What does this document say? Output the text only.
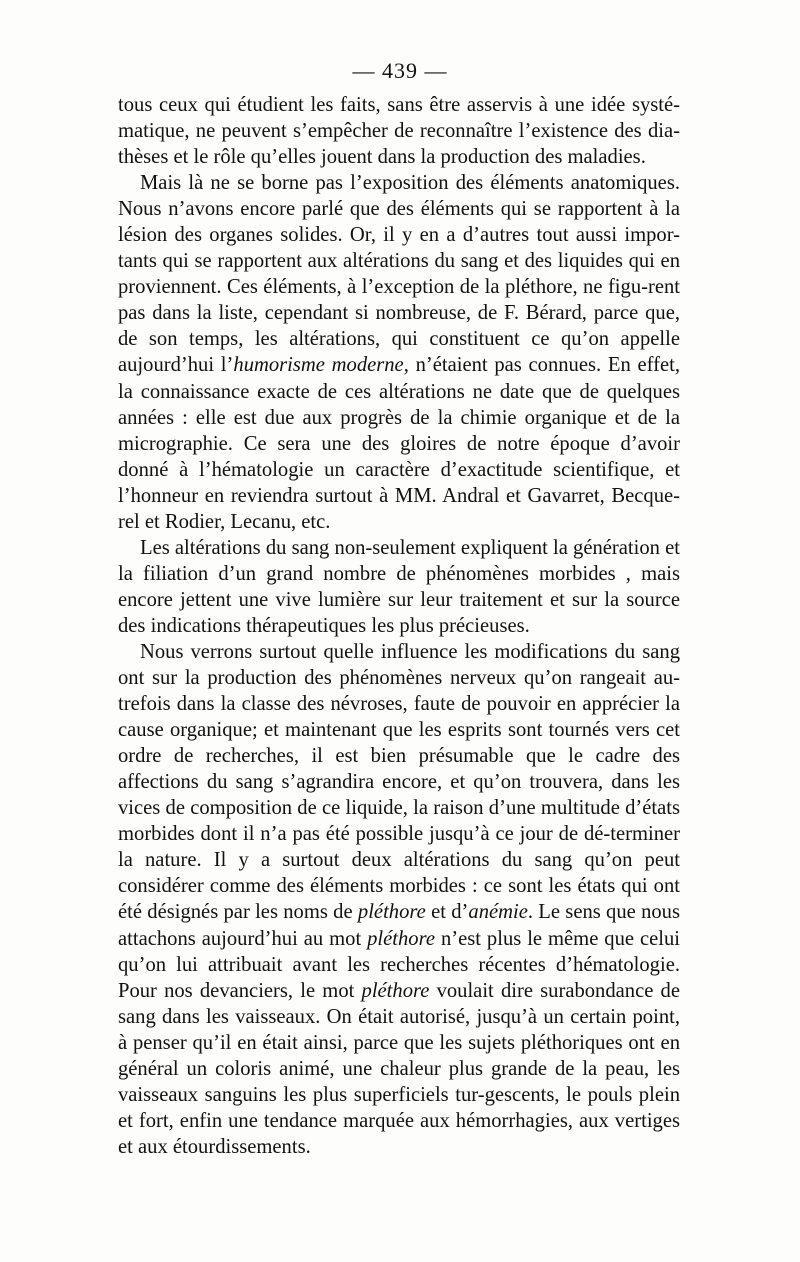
— 439 —

tous ceux qui étudient les faits, sans être asservis à une idée systé-matique, ne peuvent s’empêcher de reconnaître l’existence des dia-thèses et le rôle qu’elles jouent dans la production des maladies.

Mais là ne se borne pas l’exposition des éléments anatomiques. Nous n’avons encore parlé que des éléments qui se rapportent à la lésion des organes solides. Or, il y en a d’autres tout aussi impor-tants qui se rapportent aux altérations du sang et des liquides qui en proviennent. Ces éléments, à l’exception de la pléthore, ne figu-rent pas dans la liste, cependant si nombreuse, de F. Bérard, parce que, de son temps, les altérations, qui constituent ce qu’on appelle aujourd’hui l’humorisme moderne, n’étaient pas connues. En effet, la connaissance exacte de ces altérations ne date que de quelques années : elle est due aux progrès de la chimie organique et de la micrographie. Ce sera une des gloires de notre époque d’avoir donné à l’hématologie un caractère d’exactitude scientifique, et l’honneur en reviendra surtout à MM. Andral et Gavarret, Becque-rel et Rodier, Lecanu, etc.

Les altérations du sang non-seulement expliquent la génération et la filiation d’un grand nombre de phénomènes morbides , mais encore jettent une vive lumière sur leur traitement et sur la source des indications thérapeutiques les plus précieuses.

Nous verrons surtout quelle influence les modifications du sang ont sur la production des phénomènes nerveux qu’on rangeait au-trefois dans la classe des névroses, faute de pouvoir en apprécier la cause organique; et maintenant que les esprits sont tournés vers cet ordre de recherches, il est bien présumable que le cadre des affections du sang s’agrandira encore, et qu’on trouvera, dans les vices de composition de ce liquide, la raison d’une multitude d’états morbides dont il n’a pas été possible jusqu’à ce jour de dé-terminer la nature. Il y a surtout deux altérations du sang qu’on peut considérer comme des éléments morbides : ce sont les états qui ont été désignés par les noms de pléthore et d’anémie. Le sens que nous attachons aujourd’hui au mot pléthore n’est plus le même que celui qu’on lui attribuait avant les recherches récentes d’hématologie. Pour nos devanciers, le mot pléthore voulait dire surabondance de sang dans les vaisseaux. On était autorisé, jusqu’à un certain point, à penser qu’il en était ainsi, parce que les sujets pléthoriques ont en général un coloris animé, une chaleur plus grande de la peau, les vaisseaux sanguins les plus superficiels tur-gescents, le pouls plein et fort, enfin une tendance marquée aux hémorrhagies, aux vertiges et aux étourdissements.
